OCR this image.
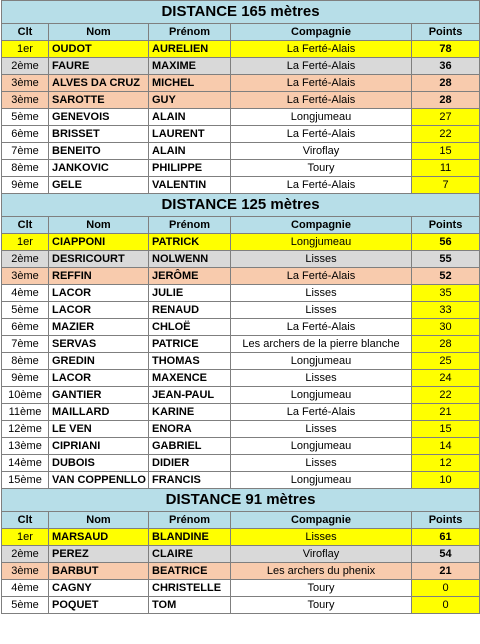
DISTANCE 165 mètres				
Clt	Nom	Prénom	Compagnie	Points
1er	OUDOT	AURELIEN	La Ferté-Alais	78
2ème	FAURE	MAXIME	La Ferté-Alais	36
3ème	ALVES DA CRUZ	MICHEL	La Ferté-Alais	28
3ème	SAROTTE	GUY	La Ferté-Alais	28
5ème	GENEVOIS	ALAIN	Longjumeau	27
6ème	BRISSET	LAURENT	La Ferté-Alais	22
7ème	BENEITO	ALAIN	Viroflay	15
8ème	JANKOVIC	PHILIPPE	Toury	11
9ème	GELE	VALENTIN	La Ferté-Alais	7
DISTANCE 125 mètres				
Clt	Nom	Prénom	Compagnie	Points
1er	CIAPPONI	PATRICK	Longjumeau	56
2ème	DESRICOURT	NOLWENN	Lisses	55
3ème	REFFIN	JERÔME	La Ferté-Alais	52
4ème	LACOR	JULIE	Lisses	35
5ème	LACOR	RENAUD	Lisses	33
6ème	MAZIER	CHLOË	La Ferté-Alais	30
7ème	SERVAS	PATRICE	Les archers de la pierre blanche	28
8ème	GREDIN	THOMAS	Longjumeau	25
9ème	LACOR	MAXENCE	Lisses	24
10ème	GANTIER	JEAN-PAUL	Longjumeau	22
11ème	MAILLARD	KARINE	La Ferté-Alais	21
12ème	LE VEN	ENORA	Lisses	15
13ème	CIPRIANI	GABRIEL	Longjumeau	14
14ème	DUBOIS	DIDIER	Lisses	12
15ème	VAN COPPENLLO	FRANCIS	Longjumeau	10
DISTANCE 91 mètres				
Clt	Nom	Prénom	Compagnie	Points
1er	MARSAUD	BLANDINE	Lisses	61
2ème	PEREZ	CLAIRE	Viroflay	54
3ème	BARBUT	BEATRICE	Les archers du phenix	21
4ème	CAGNY	CHRISTELLE	Toury	0
5ème	POQUET	TOM	Toury	0
